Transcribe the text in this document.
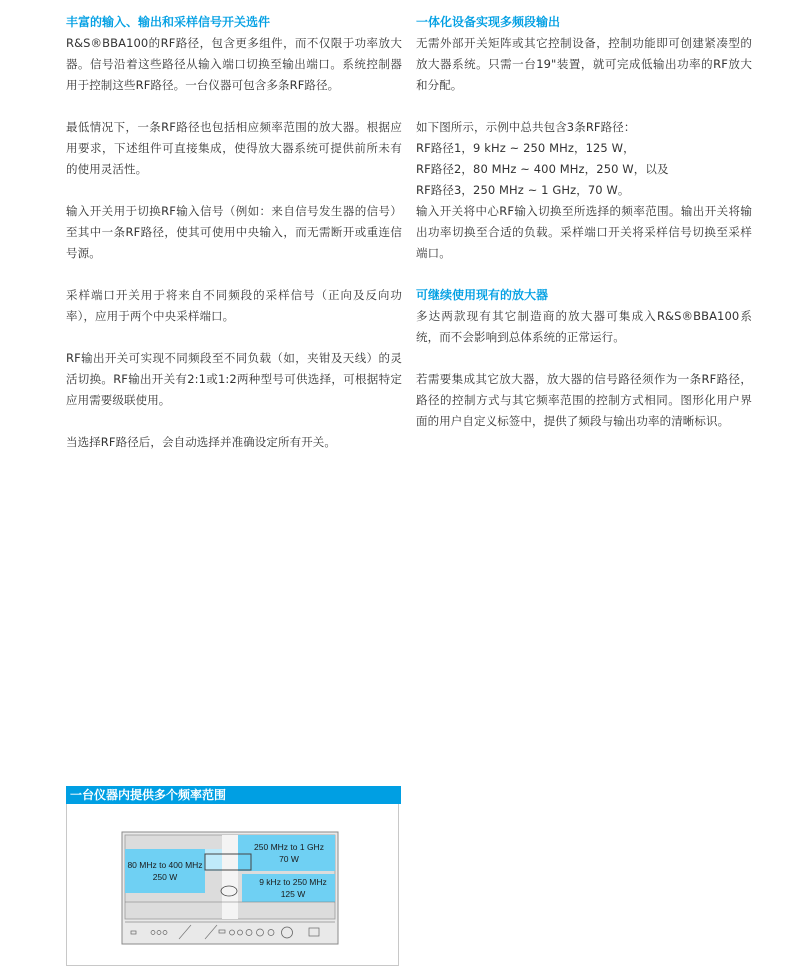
丰富的输入、输出和采样信号开关选件

R&S®BBA100的RF路径，包含更多组件，而不仅限于功率放大器。信号沿着这些路径从输入端口切换至输出端口。系统控制器用于控制这些RF路径。一台仪器可包含多条RF路径。

最低情况下，一条RF路径也包括相应频率范围的放大器。根据应用要求，下述组件可直接集成，使得放大器系统可提供前所未有的使用灵活性。

输入开关用于切换RF输入信号（例如：来自信号发生器的信号）至其中一条RF路径，使其可使用中央输入，而无需断开或重连信号源。

采样端口开关用于将来自不同频段的采样信号（正向及反向功率），应用于两个中央采样端口。

RF输出开关可实现不同频段至不同负载（如，夹钳及天线）的灵活切换。RF输出开关有2:1或1:2两种型号可供选择，可根据特定应用需要级联使用。

当选择RF路径后，会自动选择并准确设定所有开关。

一体化设备实现多频段输出

无需外部开关矩阵或其它控制设备，控制功能即可创建紧凑型的放大器系统。只需一台19"装置，就可完成低输出功率的RF放大和分配。

如下图所示，示例中总共包含3条RF路径：

RF路径1，9 kHz ~ 250 MHz，125 W，

RF路径2，80 MHz ~ 400 MHz，250 W，以及

RF路径3，250 MHz ~ 1 GHz，70 W。

输入开关将中心RF输入切换至所选择的频率范围。输出开关将输出功率切换至合适的负载。采样端口开关将采样信号切换至采样端口。

可继续使用现有的放大器

多达两款现有其它制造商的放大器可集成入R&S®BBA100系统，而不会影响到总体系统的正常运行。

若需要集成其它放大器，放大器的信号路径须作为一条RF路径，路径的控制方式与其它频率范围的控制方式相同。图形化用户界面的用户自定义标签中，提供了频段与输出功率的清晰标识。

一台仪器内提供多个频率范围
80 MHz to 400 MHz
250 W
250 MHz to 1 GHz
70 W
9 kHz to 250 MHz
125 W
